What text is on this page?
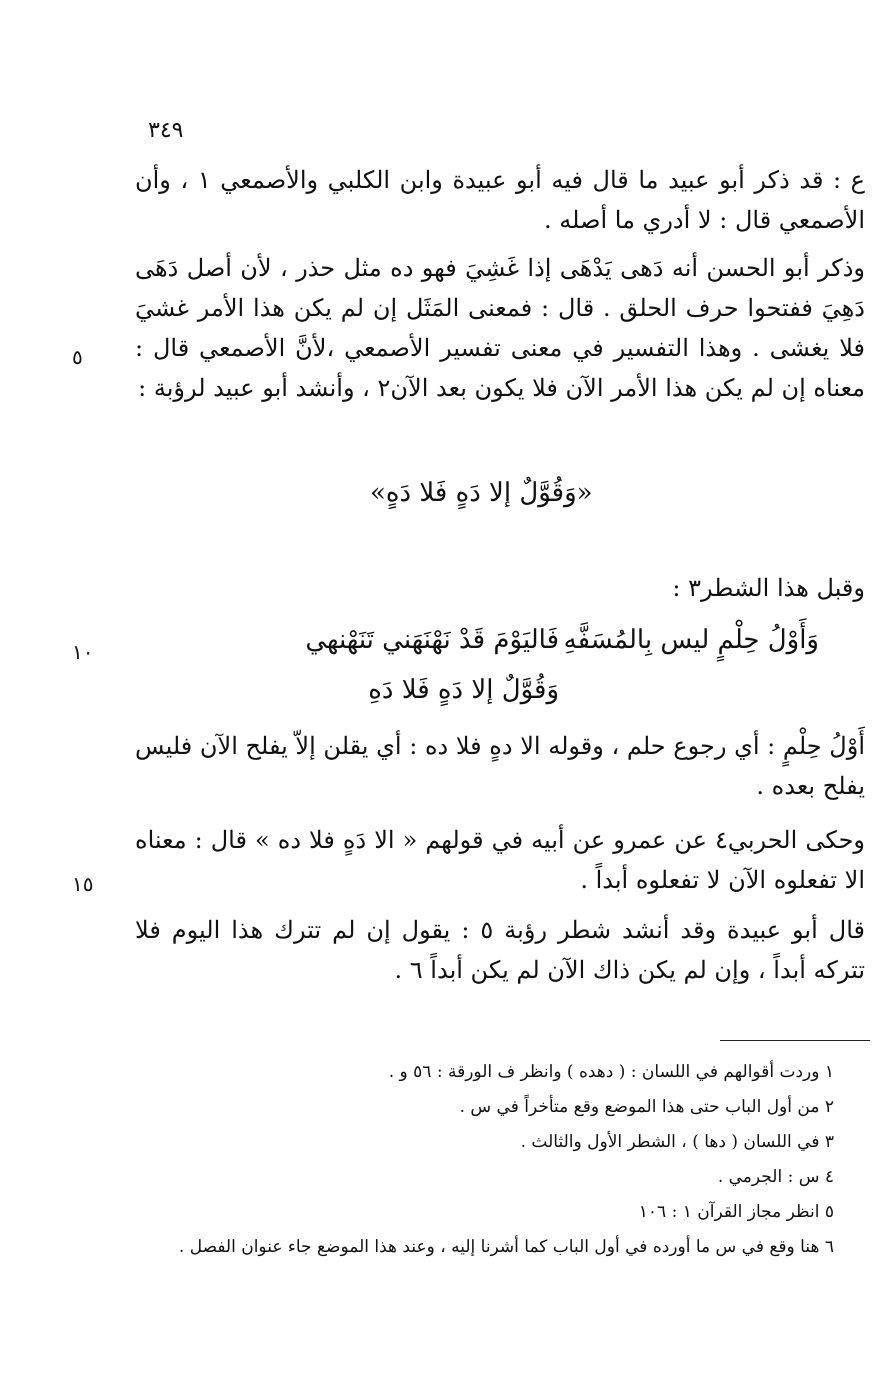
٣٤٩

ع : قد ذكر أبو عبيد ما قال فيه أبو عبيدة وابن الكلبي والأصمعي ١ ، وأن الأصمعي قال : لا أدري ما أصله .

وذكر أبو الحسن أنه دَهى يَدْهَى إذا غَشِيَ فهو ده مثل حذر ، لأن أصل دَهَى دَهِيَ ففتحوا حرف الحلق . قال : فمعنى المَثَل إن لم يكن هذا الأمر غشيَ فلا يغشى . وهذا التفسير في معنى تفسير الأصمعي ،لأنَّ الأصمعي قال : معناه إن لم يكن هذا الأمر الآن فلا يكون بعد الآن٢ ، وأنشد أبو عبيد لرؤبة :

٥
«وَقُوَّلٌ إلا دَهٍ فَلا دَهٍ»

وقبل هذا الشطر٣ :

١٠	فَاليَوْمَ قَدْ نَهْنَهَني تَنَهْنهي وَأَوْلُ حِلْمٍ ليس بِالمُسَفَّهِ
وَقُوَّلٌ إلا دَهٍ فَلا دَهِ

أَوْلُ حِلْمٍ : أي رجوع حلم ، وقوله الا دهٍ فلا ده : أي يقلن إلاّ يفلح الآن فليس يفلح بعده .

وحكى الحربي٤ عن عمرو عن أبيه في قولهم « الا دَهٍ فلا ده » قال : معناه الا تفعلوه الآن لا تفعلوه أبداً .

١٥

قال أبو عبيدة وقد أنشد شطر رؤبة ٥ : يقول إن لم تترك هذا اليوم فلا تتركه أبداً ، وإن لم يكن ذاك الآن لم يكن أبداً ٦ .

١ وردت أقوالهم في اللسان : ( دهده ) وانظر ف الورقة : ٥٦ و .

٢ من أول الباب حتى هذا الموضع وقع متأخراً في س .

٣ في اللسان ( دها ) ، الشطر الأول والثالث .

٤ س : الجرمي .

٥ انظر مجاز القرآن ١ : ١٠٦

٦ هنا وقع في س ما أورده في أول الباب كما أشرنا إليه ، وعند هذا الموضع جاء عنوان الفصل .
